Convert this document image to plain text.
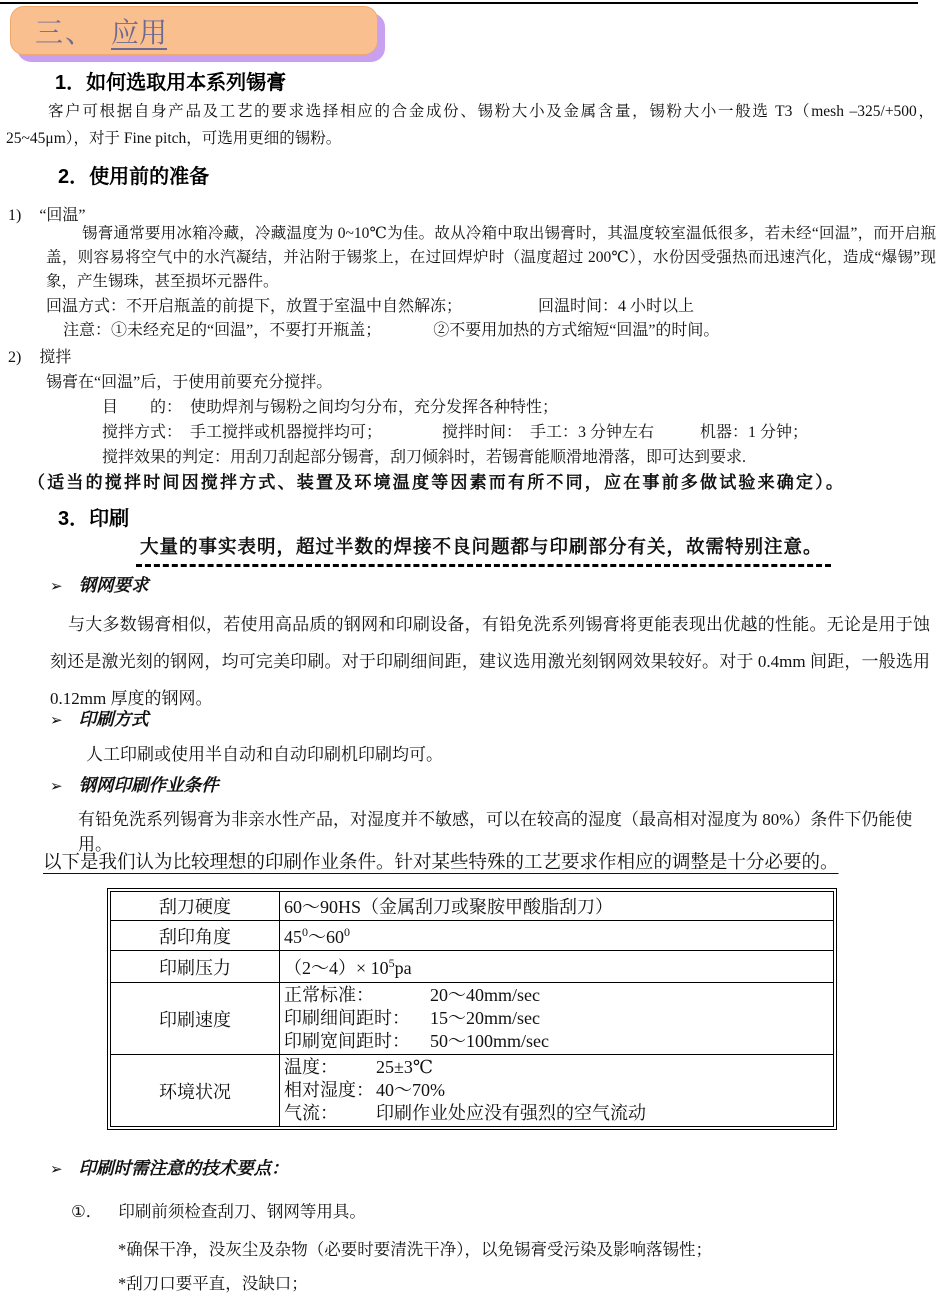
三、 应用
1．如何选取用本系列锡膏
客户可根据自身产品及工艺的要求选择相应的合金成份、锡粉大小及金属含量，锡粉大小一般选 T3（mesh –325/+500，25~45μm），对于 Fine pitch，可选用更细的锡粉。
2．使用前的准备
1) “回温”
锡膏通常要用冰箱冷藏，冷藏温度为 0~10℃为佳。故从冷箱中取出锡膏时，其温度较室温低很多，若未经“回温”，而开启瓶盖，则容易将空气中的水汽凝结，并沾附于锡浆上，在过回焊炉时（温度超过 200℃），水份因受强热而迅速汽化，造成“爆锡”现象，产生锡珠，甚至损坏元器件。
回温方式：不开启瓶盖的前提下，放置于室温中自然解冻；	回温时间：4 小时以上
注意：①未经充足的“回温”，不要打开瓶盖；	②不要用加热的方式缩短“回温”的时间。
2) 搅拌
锡膏在“回温”后，于使用前要充分搅拌。
目　　的：　使助焊剂与锡粉之间均匀分布，充分发挥各种特性；
搅拌方式：　手工搅拌或机器搅拌均可；	搅拌时间：　手工：3 分钟左右	机器：1 分钟；
搅拌效果的判定：用刮刀刮起部分锡膏，刮刀倾斜时，若锡膏能顺滑地滑落，即可达到要求.
（适当的搅拌时间因搅拌方式、装置及环境温度等因素而有所不同，应在事前多做试验来确定）。
3．印刷
大量的事实表明，超过半数的焊接不良问题都与印刷部分有关，故需特别注意。
➢ 钢网要求
与大多数锡膏相似，若使用高品质的钢网和印刷设备，有铅免洗系列锡膏将更能表现出优越的性能。无论是用于蚀刻还是激光刻的钢网，均可完美印刷。对于印刷细间距，建议选用激光刻钢网效果较好。对于 0.4mm 间距，一般选用 0.12mm 厚度的钢网。
➢ 印刷方式
人工印刷或使用半自动和自动印刷机印刷均可。
➢ 钢网印刷作业条件
有铅免洗系列锡膏为非亲水性产品，对湿度并不敏感，可以在较高的湿度（最高相对湿度为 80%）条件下仍能使用。
以下是我们认为比较理想的印刷作业条件。针对某些特殊的工艺要求作相应的调整是十分必要的。
刮刀硬度	60～90HS（金属刮刀或聚胺甲酸脂刮刀）
刮印角度	$45^0\sim 60^0$
印刷压力	（2～4）× $10^5pa$
印刷速度	正常标准： 20～40mm/sec
印刷细间距时： 15～20mm/sec
印刷宽间距时： 50～100mm/sec

环境状况	温度： 25±3℃
相对湿度： 40～70%
气流： 印刷作业处应没有强烈的空气流动
➢ 印刷时需注意的技术要点：
①． 印刷前须检查刮刀、钢网等用具。
*确保干净，没灰尘及杂物（必要时要清洗干净），以免锡膏受污染及影响落锡性；
*刮刀口要平直，没缺口；
